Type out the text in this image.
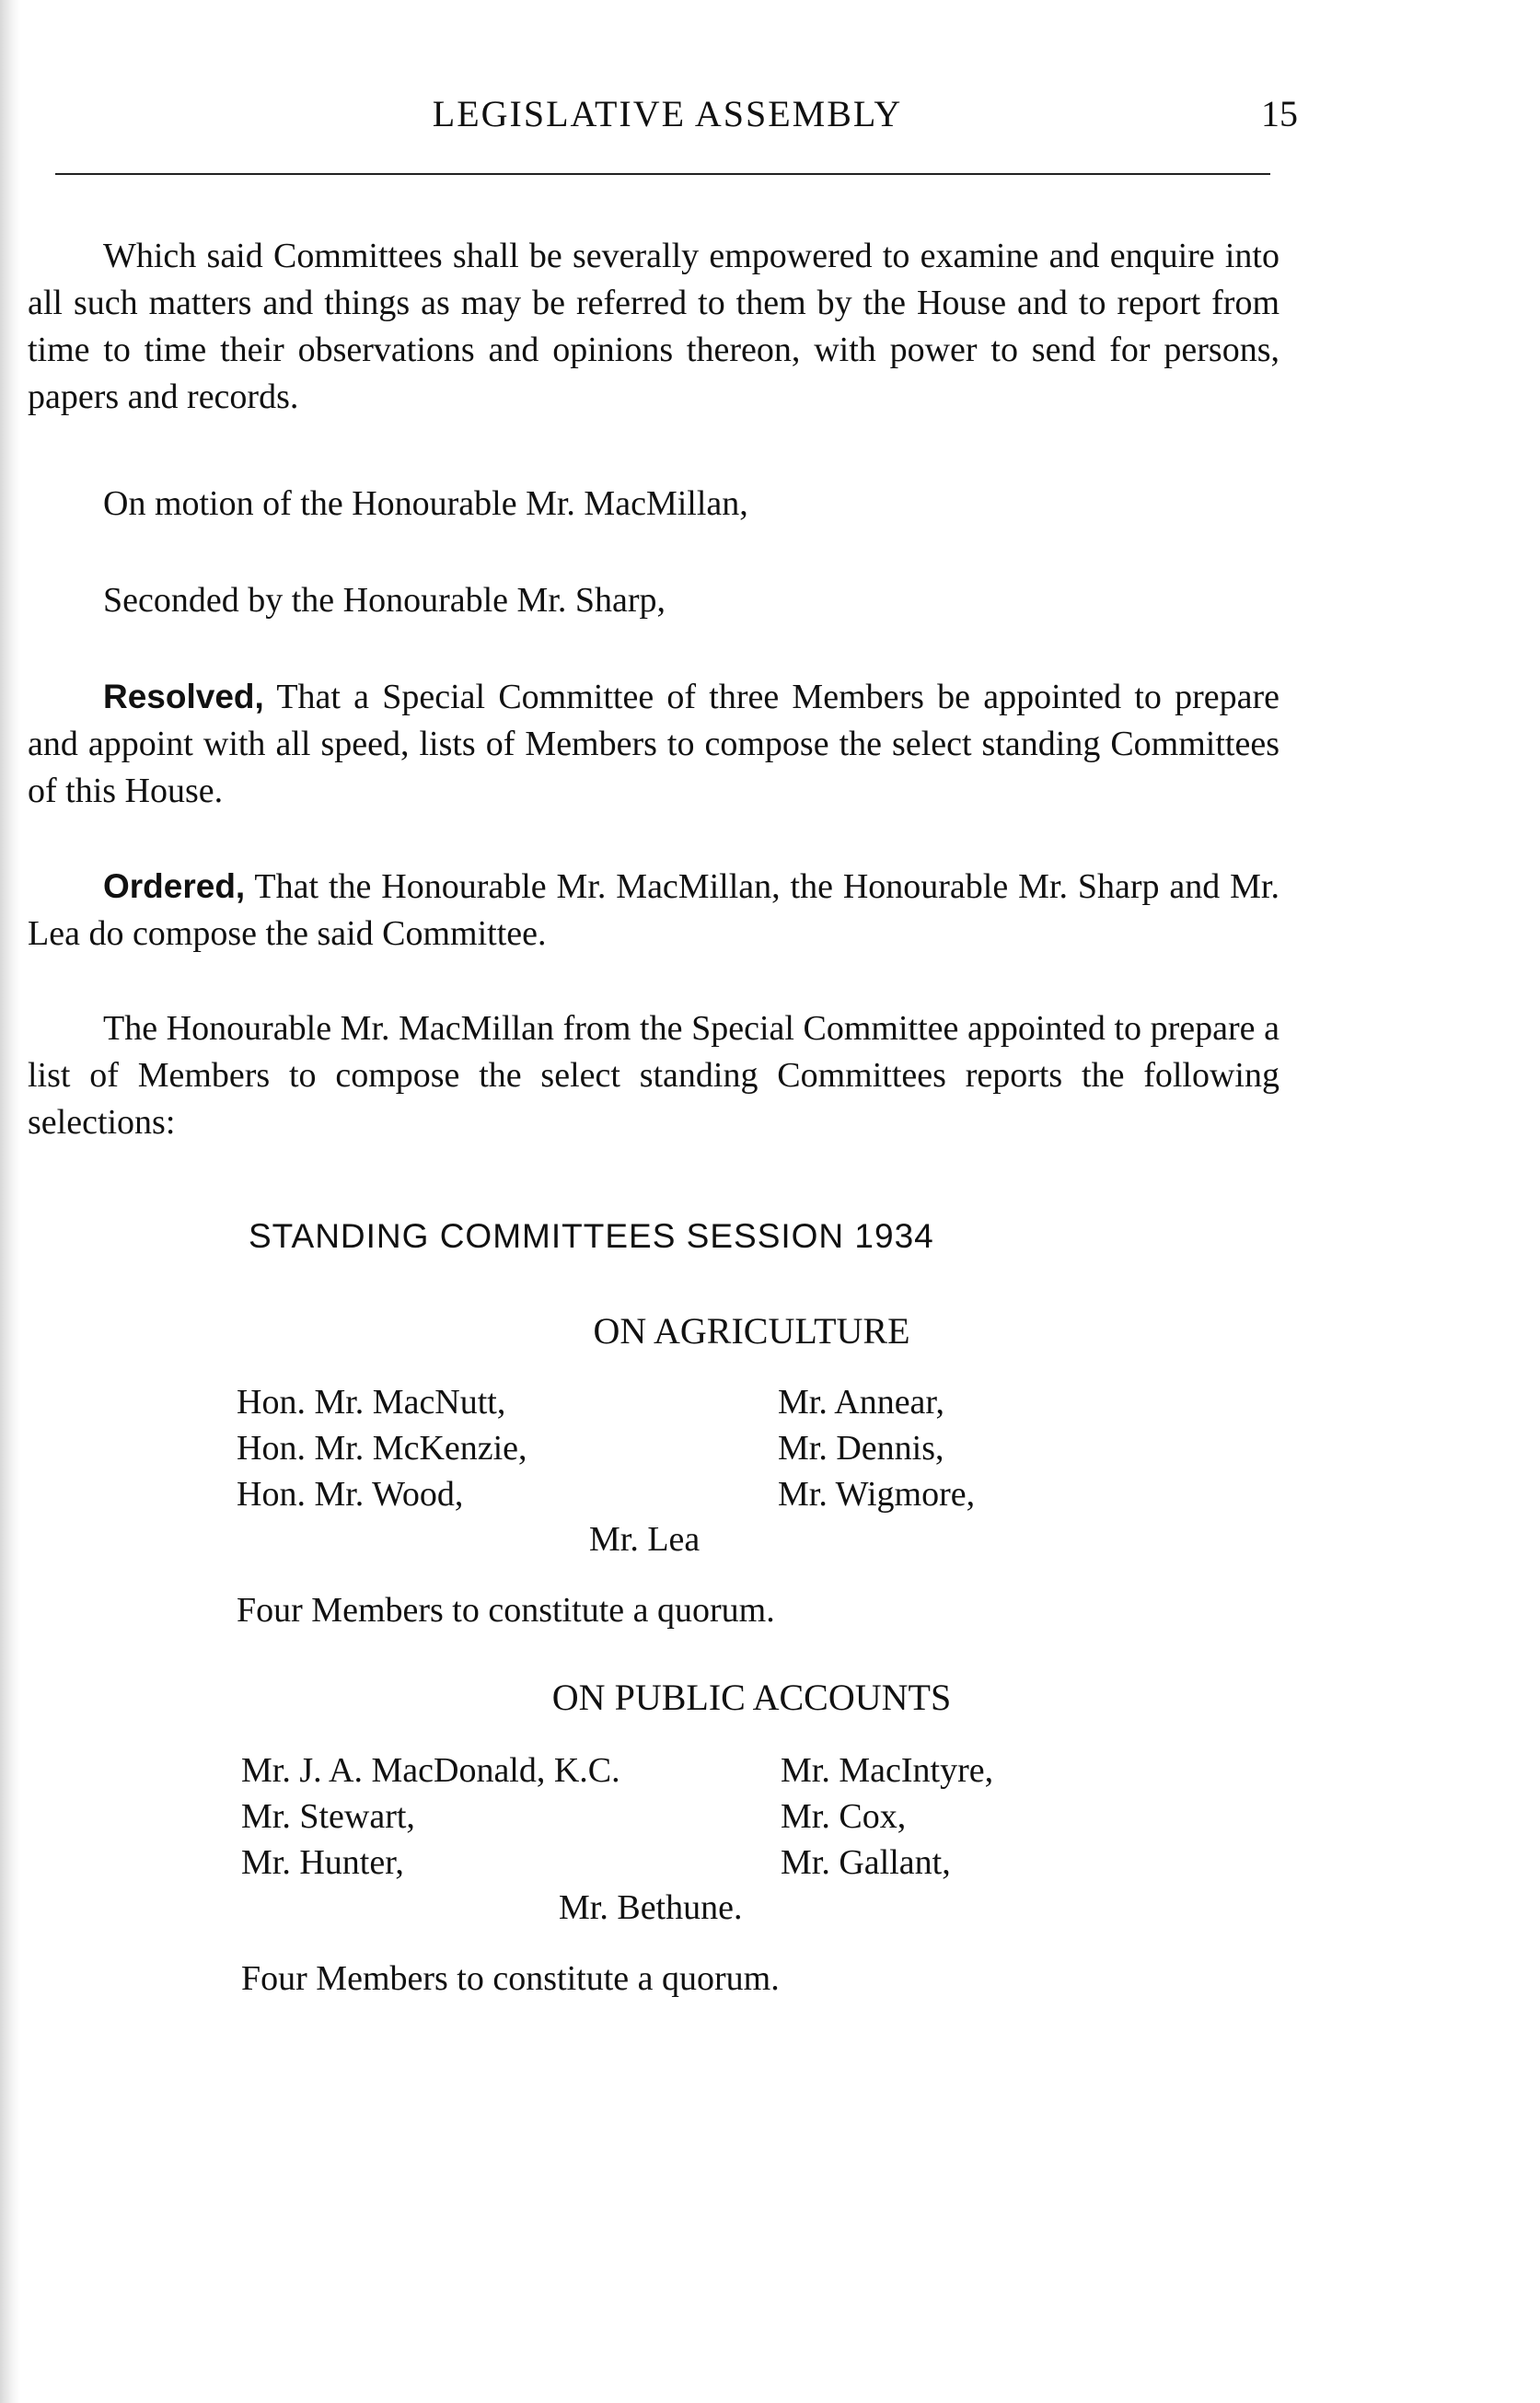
LEGISLATIVE ASSEMBLY	15

Which said Committees shall be severally empowered to examine and enquire into all such matters and things as may be referred to them by the House and to report from time to time their observations and opinions thereon, with power to send for persons, papers and records.

On motion of the Honourable Mr. MacMillan,

Seconded by the Honourable Mr. Sharp,

Resolved, That a Special Committee of three Members be appointed to prepare and appoint with all speed, lists of Members to compose the select standing Committees of this House.

Ordered, That the Honourable Mr. MacMillan, the Honourable Mr. Sharp and Mr. Lea do compose the said Committee.

The Honourable Mr. MacMillan from the Special Committee appointed to prepare a list of Members to compose the select standing Committees reports the following selections:

STANDING COMMITTEES SESSION 1934
ON AGRICULTURE
Hon. Mr. MacNutt,
Hon. Mr. McKenzie,
Hon. Mr. Wood,
Mr. Annear,
Mr. Dennis,
Mr. Wigmore,
Mr. Lea
Four Members to constitute a quorum.
ON PUBLIC ACCOUNTS
Mr. J. A. MacDonald, K.C.
Mr. Stewart,
Mr. Hunter,
Mr. MacIntyre,
Mr. Cox,
Mr. Gallant,
Mr. Bethune.
Four Members to constitute a quorum.
